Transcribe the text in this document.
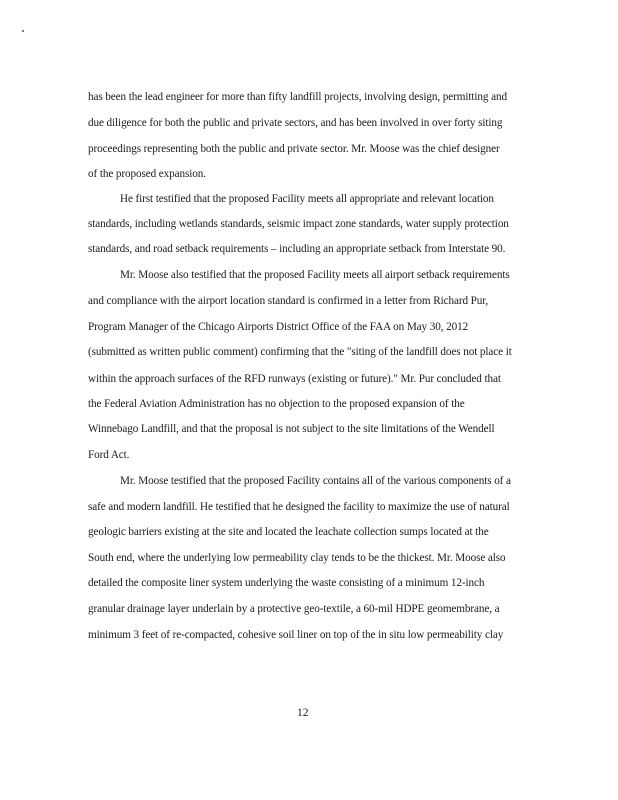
has been the lead engineer for more than fifty landfill projects, involving design, permitting and
due diligence for both the public and private sectors, and has been involved in over forty siting
proceedings representing both the public and private sector. Mr. Moose was the chief designer
of the proposed expansion.
He first testified that the proposed Facility meets all appropriate and relevant location
standards, including wetlands standards, seismic impact zone standards, water supply protection
standards, and road setback requirements – including an appropriate setback from Interstate 90.
Mr. Moose also testified that the proposed Facility meets all airport setback requirements
and compliance with the airport location standard is confirmed in a letter from Richard Pur,
Program Manager of the Chicago Airports District Office of the FAA on May 30, 2012
(submitted as written public comment) confirming that the "siting of the landfill does not place it
within the approach surfaces of the RFD runways (existing or future)." Mr. Pur concluded that
the Federal Aviation Administration has no objection to the proposed expansion of the
Winnebago Landfill, and that the proposal is not subject to the site limitations of the Wendell
Ford Act.
Mr. Moose testified that the proposed Facility contains all of the various components of a
safe and modern landfill. He testified that he designed the facility to maximize the use of natural
geologic barriers existing at the site and located the leachate collection sumps located at the
South end, where the underlying low permeability clay tends to be the thickest. Mr. Moose also
detailed the composite liner system underlying the waste consisting of a minimum 12-inch
granular drainage layer underlain by a protective geo-textile, a 60-mil HDPE geomembrane, a
minimum 3 feet of re-compacted, cohesive soil liner on top of the in situ low permeability clay
12
